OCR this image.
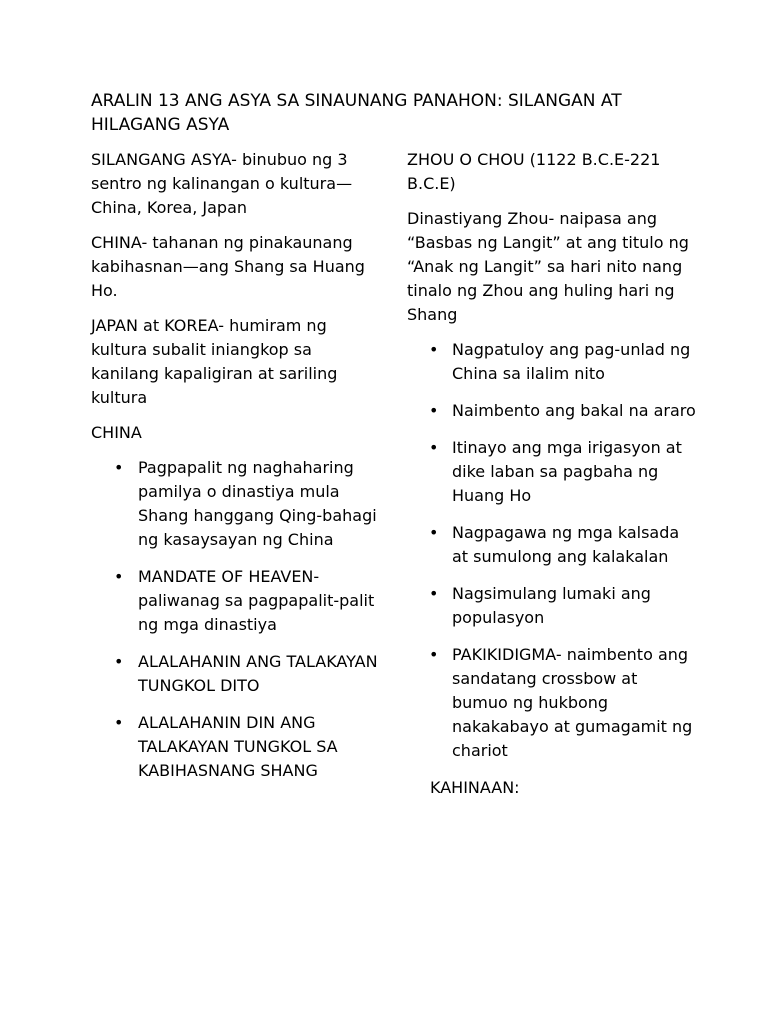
ARALIN 13 ANG ASYA SA SINAUNANG PANAHON: SILANGAN AT HILAGANG ASYA

SILANGANG ASYA- binubuo ng 3 sentro ng kalinangan o kultura—China, Korea, Japan

CHINA- tahanan ng pinakaunang kabihasnan—ang Shang sa Huang Ho.

JAPAN at KOREA- humiram ng kultura subalit iniangkop sa kanilang kapaligiran at sariling kultura

CHINA

• Pagpapalit ng naghaharing pamilya o dinastiya mula Shang hanggang Qing-bahagi ng kasaysayan ng China
• MANDATE OF HEAVEN- paliwanag sa pagpapalit-palit ng mga dinastiya
• ALALAHANIN ANG TALAKAYAN TUNGKOL DITO
• ALALAHANIN DIN ANG TALAKAYAN TUNGKOL SA KABIHASNANG SHANG

ZHOU O CHOU (1122 B.C.E-221 B.C.E)

Dinastiyang Zhou- naipasa ang “Basbas ng Langit” at ang titulo ng “Anak ng Langit” sa hari nito nang tinalo ng Zhou ang huling hari ng Shang

• Nagpatuloy ang pag-unlad ng China sa ilalim nito
• Naimbento ang bakal na araro
• Itinayo ang mga irigasyon at dike laban sa pagbaha ng Huang Ho
• Nagpagawa ng mga kalsada at sumulong ang kalakalan
• Nagsimulang lumaki ang populasyon
• PAKIKIDIGMA- naimbento ang sandatang crossbow at bumuo ng hukbong nakakabayo at gumagamit ng chariot

KAHINAAN:
